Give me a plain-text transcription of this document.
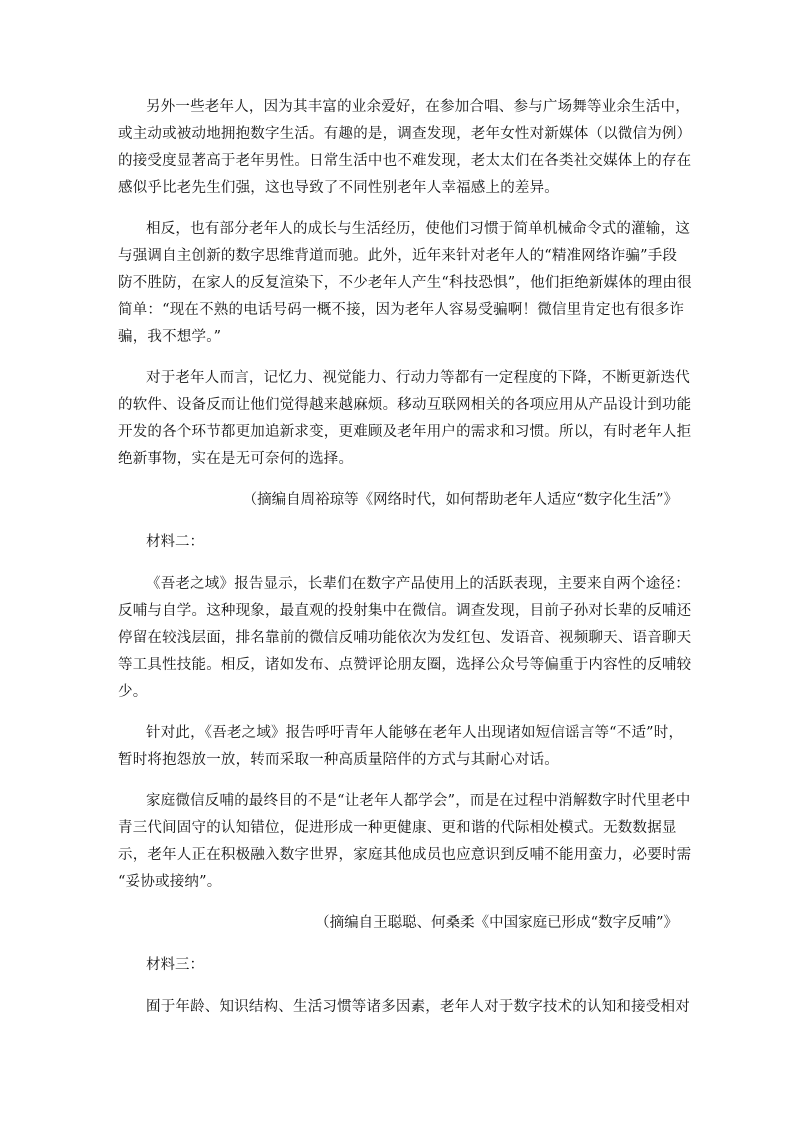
另外一些老年人，因为其丰富的业余爱好，在参加合唱、参与广场舞等业余生活中，
或主动或被动地拥抱数字生活。有趣的是，调查发现，老年女性对新媒体（以微信为例）
的接受度显著高于老年男性。日常生活中也不难发现，老太太们在各类社交媒体上的存在
感似乎比老先生们强，这也导致了不同性别老年人幸福感上的差异。
相反，也有部分老年人的成长与生活经历，使他们习惯于简单机械命令式的灌输，这
与强调自主创新的数字思维背道而驰。此外，近年来针对老年人的“精准网络诈骗”手段
防不胜防，在家人的反复渲染下，不少老年人产生“科技恐惧”，他们拒绝新媒体的理由很
简单：“现在不熟的电话号码一概不接，因为老年人容易受骗啊！微信里肯定也有很多诈
骗，我不想学。”
对于老年人而言，记忆力、视觉能力、行动力等都有一定程度的下降，不断更新迭代
的软件、设备反而让他们觉得越来越麻烦。移动互联网相关的各项应用从产品设计到功能
开发的各个环节都更加追新求变，更难顾及老年用户的需求和习惯。所以，有时老年人拒
绝新事物，实在是无可奈何的选择。
（摘编自周裕琼等《网络时代，如何帮助老年人适应“数字化生活”》
材料二：
《吾老之域》报告显示，长辈们在数字产品使用上的活跃表现，主要来自两个途径：
反哺与自学。这种现象，最直观的投射集中在微信。调查发现，目前子孙对长辈的反哺还
停留在较浅层面，排名靠前的微信反哺功能依次为发红包、发语音、视频聊天、语音聊天
等工具性技能。相反，诸如发布、点赞评论朋友圈，选择公众号等偏重于内容性的反哺较
少。
针对此，《吾老之域》报告呼吁青年人能够在老年人出现诸如短信谣言等“不适”时，
暂时将抱怨放一放，转而采取一种高质量陪伴的方式与其耐心对话。
家庭微信反哺的最终目的不是“让老年人都学会”，而是在过程中消解数字时代里老中
青三代间固守的认知错位，促进形成一种更健康、更和谐的代际相处模式。无数数据显
示，老年人正在积极融入数字世界，家庭其他成员也应意识到反哺不能用蛮力，必要时需
“妥协或接纳”。
（摘编自王聪聪、何桑柔《中国家庭已形成“数字反哺”》
材料三：
囿于年龄、知识结构、生活习惯等诸多因素，老年人对于数字技术的认知和接受相对
